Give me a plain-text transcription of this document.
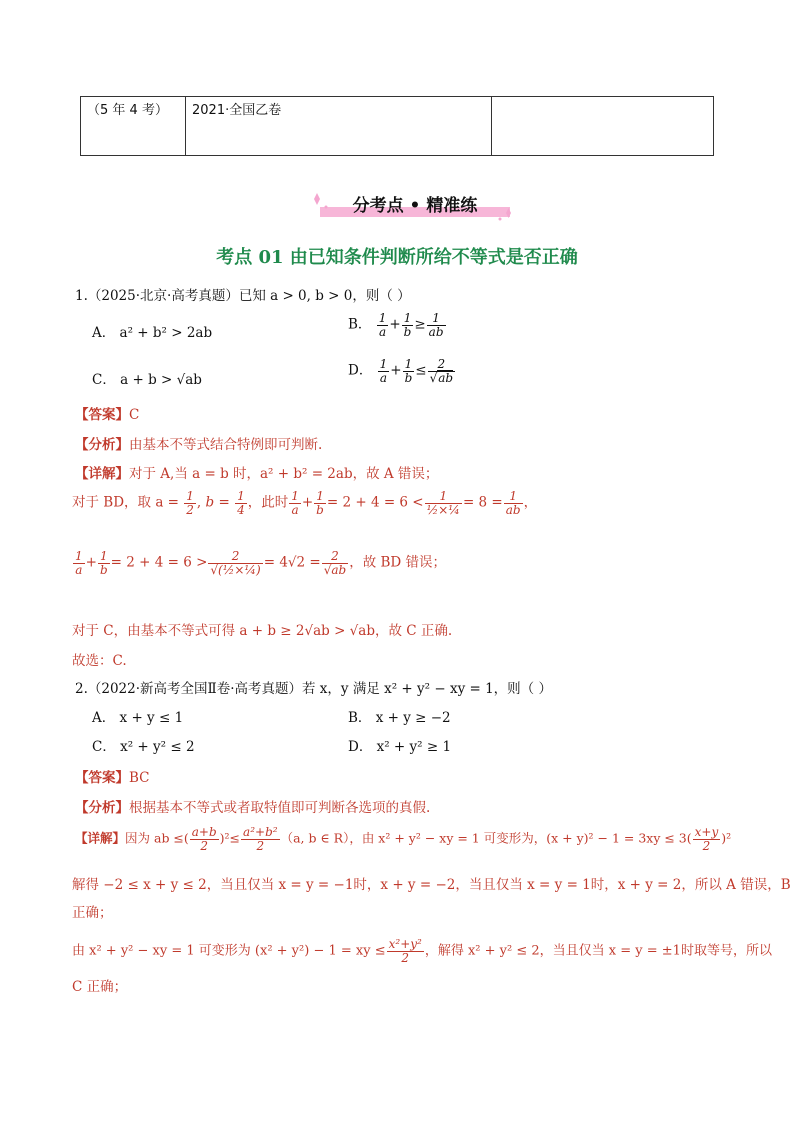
（5 年 4 考）	2021·全国乙卷	
分考点 • 精准练
考点 01 由已知条件判断所给不等式是否正确
1.（2025·北京·高考真题）已知 a > 0, b > 0，则（ ）
A． a² + b² > 2ab
B． $\frac{1}{a} + \frac{1}{b} \ge \frac{1}{ab}$
C． a + b > √ab
D． $\frac{1}{a} + \frac{1}{b} \le \frac{2}{√ab}$
【答案】C
【分析】由基本不等式结合特例即可判断.
【详解】对于 A,当 a = b 时，a² + b² = 2ab，故 A 错误；
对于 BD，取 $a = \frac{1}{2}$ , $b = \frac{1}{4}$ ，此时 $\frac{1}{a} + \frac{1}{b} = 2 + 4 = 6 < \frac{1}{\text{½×¼}} = 8 = \frac{1}{ab}$ ，
$\frac{1}{a} + \frac{1}{b} = 2 + 4 = 6 > \frac{2}{\text{√(½×¼)}} = 4√2 = \frac{2}{√ab}$ ，故 BD 错误；
对于 C，由基本不等式可得 a + b ≥ 2√ab > √ab，故 C 正确.
故选：C.
2.（2022·新高考全国Ⅱ卷·高考真题）若 x，y 满足 x² + y² − xy = 1，则（ ）
A． x + y ≤ 1	B． x + y ≥ −2
C． x² + y² ≤ 2	D． x² + y² ≥ 1
【答案】BC
【分析】根据基本不等式或者取特值即可判断各选项的真假.
【详解】因为 ab ≤( $\frac{a+b}{2} )^2\le \frac{\text{a²+b²}}{2} (a$, b ∈ R），由 x² + y² − xy = 1 可变形为，$(x + y)^2 - 1 = 3xy \le 3( \frac{x+y}{2} )^2$
解得 −2 ≤ x + y ≤ 2，当且仅当 x = y = −1时，x + y = −2，当且仅当 x = y = 1时，x + y = 2，所以 A 错误，B
正确；
由 x² + y² − xy = 1 可变形为 (x² + y²) − 1 = xy ≤ $\frac{\text{x²+y²}}{2}$ ，解得 x² + y² ≤ 2，当且仅当 x = y = ±1时取等号，所以
C 正确；
